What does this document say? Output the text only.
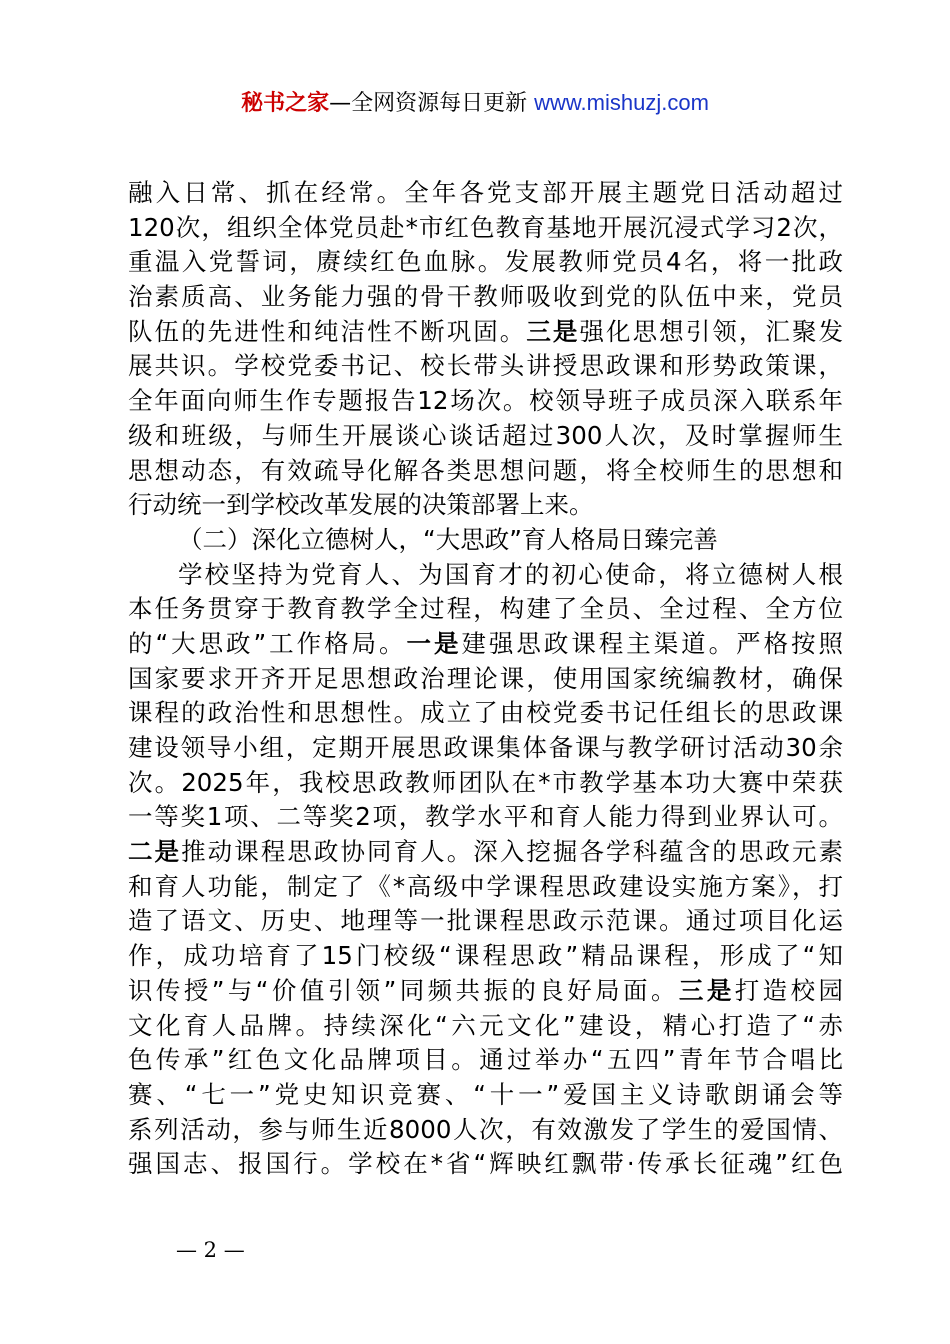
秘书之家—全网资源每日更新 www.mishuzj.com
融入日常、抓在经常。全年各党支部开展主题党日活动超过
120次，组织全体党员赴*市红色教育基地开展沉浸式学习2次，
重温入党誓词，赓续红色血脉。发展教师党员4名，将一批政
治素质高、业务能力强的骨干教师吸收到党的队伍中来，党员
队伍的先进性和纯洁性不断巩固。三是强化思想引领，汇聚发
展共识。学校党委书记、校长带头讲授思政课和形势政策课，
全年面向师生作专题报告12场次。校领导班子成员深入联系年
级和班级，与师生开展谈心谈话超过300人次，及时掌握师生
思想动态，有效疏导化解各类思想问题，将全校师生的思想和
行动统一到学校改革发展的决策部署上来。
（二）深化立德树人，“大思政”育人格局日臻完善
学校坚持为党育人、为国育才的初心使命，将立德树人根
本任务贯穿于教育教学全过程，构建了全员、全过程、全方位
的“大思政”工作格局。一是建强思政课程主渠道。严格按照
国家要求开齐开足思想政治理论课，使用国家统编教材，确保
课程的政治性和思想性。成立了由校党委书记任组长的思政课
建设领导小组，定期开展思政课集体备课与教学研讨活动30余
次。2025年，我校思政教师团队在*市教学基本功大赛中荣获
一等奖1项、二等奖2项，教学水平和育人能力得到业界认可。
二是推动课程思政协同育人。深入挖掘各学科蕴含的思政元素
和育人功能，制定了《*高级中学课程思政建设实施方案》，打
造了语文、历史、地理等一批课程思政示范课。通过项目化运
作，成功培育了15门校级“课程思政”精品课程，形成了“知
识传授”与“价值引领”同频共振的良好局面。三是打造校园
文化育人品牌。持续深化“六元文化”建设，精心打造了“赤
色传承”红色文化品牌项目。通过举办“五四”青年节合唱比
赛、“七一”党史知识竞赛、“十一”爱国主义诗歌朗诵会等
系列活动，参与师生近8000人次，有效激发了学生的爱国情、
强国志、报国行。学校在*省“辉映红飘带·传承长征魂”红色
— 2 —
